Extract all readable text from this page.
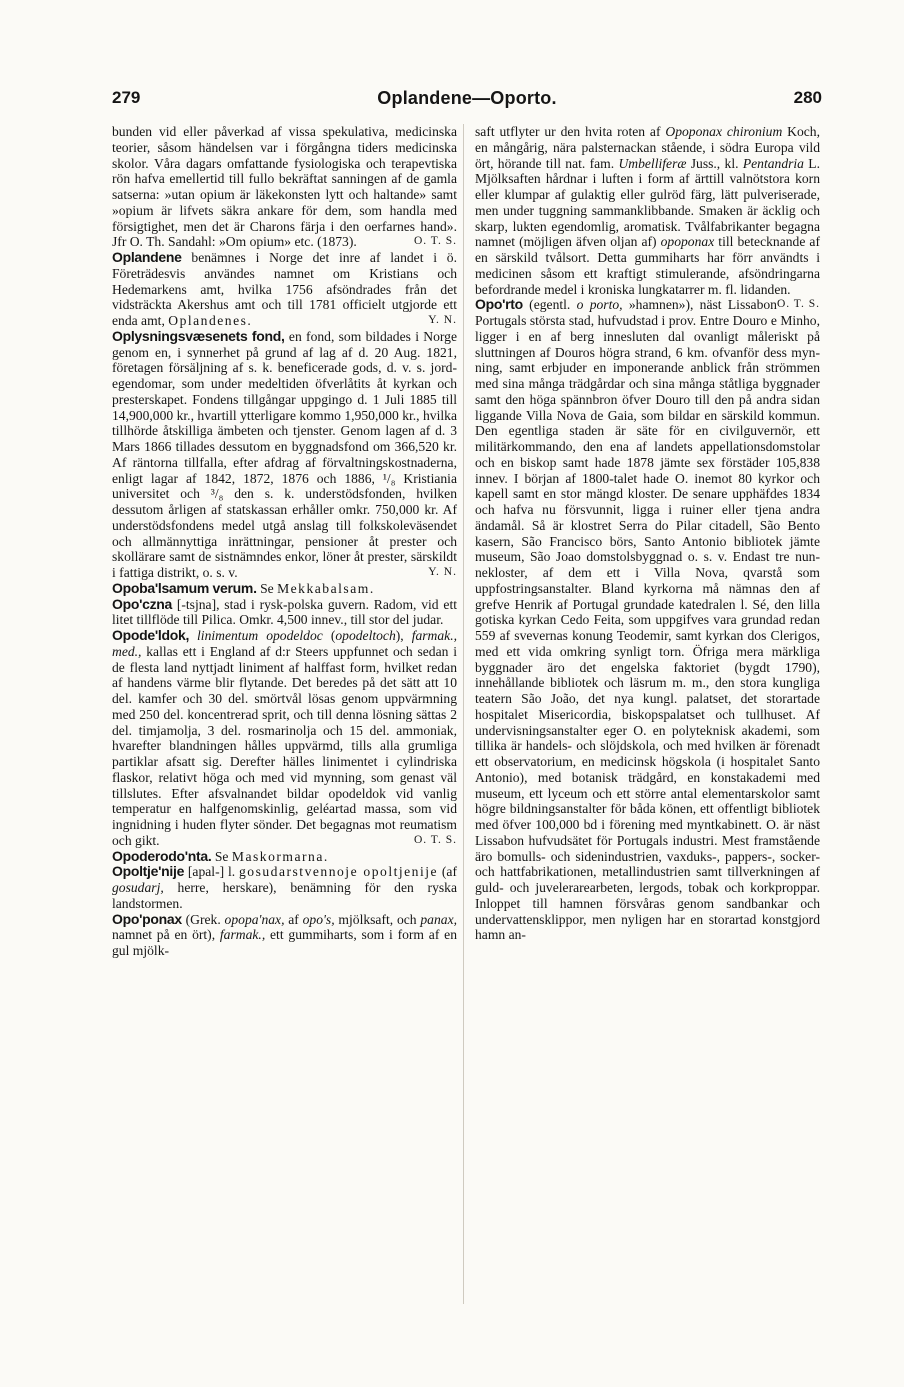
279	Oplandene—Oporto.	280

bunden vid eller påverkad af vissa spekulativa, medicinska teorier, såsom händelsen var i förgångna tiders medicinska skolor. Våra dagars omfattande fysiologiska och terapevtiska rön hafva emellertid till fullo bekräftat sanningen af de gamla satserna: »utan opium är läkekonsten lytt och haltande» samt »opium är lifvets säkra ankare för dem, som handla med försigtighet, men det är Charons färja i den oerfarnes hand». Jfr O. Th. Sandahl: »Om opium» etc. (1873).	O. T. S.

Oplandene benämnes i Norge det inre af landet i ö. Företrädesvis användes namnet om Kristians och Hedemarkens amt, hvilka 1756 afsöndrades från det vidsträckta Akershus amt och till 1781 officielt utgjorde ett enda amt, Oplandenes.	Y. N.

Oplysningsvæsenets fond, en fond, som bildades i Norge genom en, i synnerhet på grund af lag af d. 20 Aug. 1821, företagen försäljning af s. k. beneficerade gods, d. v. s. jordegendomar, som under medeltiden öfverlåtits åt kyrkan och presterskapet. Fondens tillgångar uppgingo d. 1 Juli 1885 till 14,900,000 kr., hvartill ytterligare kommo 1,950,000 kr., hvilka tillhörde åtskilliga ämbeten och tjenster. Genom lagen af d. 3 Mars 1866 tillades dessutom en byggnadsfond om 366,520 kr. Af räntorna tillfalla, efter afdrag af förvaltningskostnaderna, enligt lagar af 1842, 1872, 1876 och 1886, ¹/₈ Kristiania universitet och ³/₈ den s. k. understödsfonden, hvilken dessutom årligen af statskassan erhåller omkr. 750,000 kr. Af understödsfondens medel utgå anslag till folkskoleväsendet och allmännyttiga inrättningar, pensioner åt prester och skollärare samt de sistnämndes enkor, löner åt prester, särskildt i fattiga distrikt, o. s. v.	Y. N.

Opoba'lsamum verum. Se Mekkabalsam.

Opo'czna [-tsjna], stad i rysk-polska guvern. Radom, vid ett litet tillflöde till Pilica. Omkr. 4,500 innev., till stor del judar.

Opode'ldok, linimentum opodeldoc (opodeltoch), farmak., med., kallas ett i England af d:r Steers uppfunnet och sedan i de flesta land nyttjadt liniment af halffast form, hvilket redan af handens värme blir flytande. Det beredes på det sätt att 10 del. kamfer och 30 del. smörtvål lösas genom uppvärmning med 250 del. koncentrerad sprit, och till denna lösning sättas 2 del. timjamolja, 3 del. rosmarinolja och 15 del. ammoniak, hvarefter blandningen hålles uppvärmd, tills alla grumliga partiklar afsatt sig. Derefter hälles linimentet i cylindriska flaskor, relativt höga och med vid mynning, som genast väl tillslutes. Efter afsvalnandet bildar opodeldok vid vanlig temperatur en halfgenomskinlig, geléartad massa, som vid ingnidning i huden flyter sönder. Det begagnas mot reumatism och gikt.	O. T. S.

Opoderodo'nta. Se Maskormarna.

Opoltje'nije [apal-] l. gosudarstvennoje opoltjenije (af gosudarj, herre, herskare), benämning för den ryska landstormen.

Opo'ponax (Grek. opopa'nax, af opo's, mjölksaft, och panax, namnet på en ört), farmak., ett gummiharts, som i form af en gul mjölk-

saft utflyter ur den hvita roten af Opoponax chironium Koch, en mångårig, nära palsternackan stående, i södra Europa vild ört, hörande till nat. fam. Umbelliferæ Juss., kl. Pentandria L. Mjölksaften hårdnar i luften i form af ärttill valnötstora korn eller klumpar af gulaktig eller gulröd färg, lätt pulveriserade, men under tuggning sammanklibbande. Smaken är äcklig och skarp, lukten egendomlig, aromatisk. Tvålfabrikanter begagna namnet (möjligen äfven oljan af) opoponax till betecknande af en särskild tvålsort. Detta gummiharts har förr användts i medicinen såsom ett kraftigt stimulerande, afsöndringarna befordrande medel i kroniska lungkatarrer m. fl. lidanden.
O. T. S.

Opo'rto (egentl. o porto, »hamnen»), näst Lissabon Portugals största stad, hufvudstad i prov. Entre Douro e Minho, ligger i en af berg innesluten dal ovanligt måleriskt på sluttningen af Douros högra strand, 6 km. ofvanför dess mynning, samt erbjuder en imponerande anblick från strömmen med sina många trädgårdar och sina många ståtliga byggnader samt den höga spännbron öfver Douro till den på andra sidan liggande Villa Nova de Gaia, som bildar en särskild kommun. Den egentliga staden är säte för en civilguvernör, ett militärkommando, den ena af landets appellationsdomstolar och en biskop samt hade 1878 jämte sex förstäder 105,838 innev. I början af 1800-talet hade O. inemot 80 kyrkor och kapell samt en stor mängd kloster. De senare upphäfdes 1834 och hafva nu försvunnit, ligga i ruiner eller tjena andra ändamål. Så är klostret Serra do Pilar citadell, São Bento kasern, São Francisco börs, Santo Antonio bibliotek jämte museum, São Joao domstolsbyggnad o. s. v. Endast tre nunnekloster, af dem ett i Villa Nova, qvarstå som uppfostringsanstalter. Bland kyrkorna må nämnas den af grefve Henrik af Portugal grundade katedralen l. Sé, den lilla gotiska kyrkan Cedo Feita, som uppgifves vara grundad redan 559 af svevernas konung Teodemir, samt kyrkan dos Clerigos, med ett vida omkring synligt torn. Öfriga mera märkliga byggnader äro det engelska faktoriet (bygdt 1790), innehållande bibliotek och läsrum m. m., den stora kungliga teatern São João, det nya kungl. palatset, det storartade hospitalet Misericordia, biskopspalatset och tullhuset. Af undervisningsanstalter eger O. en polyteknisk akademi, som tillika är handels- och slöjdskola, och med hvilken är förenadt ett observatorium, en medicinsk högskola (i hospitalet Santo Antonio), med botanisk trädgård, en konstakademi med museum, ett lyceum och ett större antal elementarskolor samt högre bildningsanstalter för båda könen, ett offentligt bibliotek med öfver 100,000 bd i förening med myntkabinett. O. är näst Lissabon hufvudsätet för Portugals industri. Mest framstående äro bomulls- och sidenindustrien, vaxduks-, pappers-, socker- och hattfabrikationen, metallindustrien samt tillverkningen af guld- och juvelerarearbeten, lergods, tobak och korkproppar. Inloppet till hamnen försvåras genom sandbankar och undervattensklippor, men nyligen har en storartad konstgjord hamn an-
